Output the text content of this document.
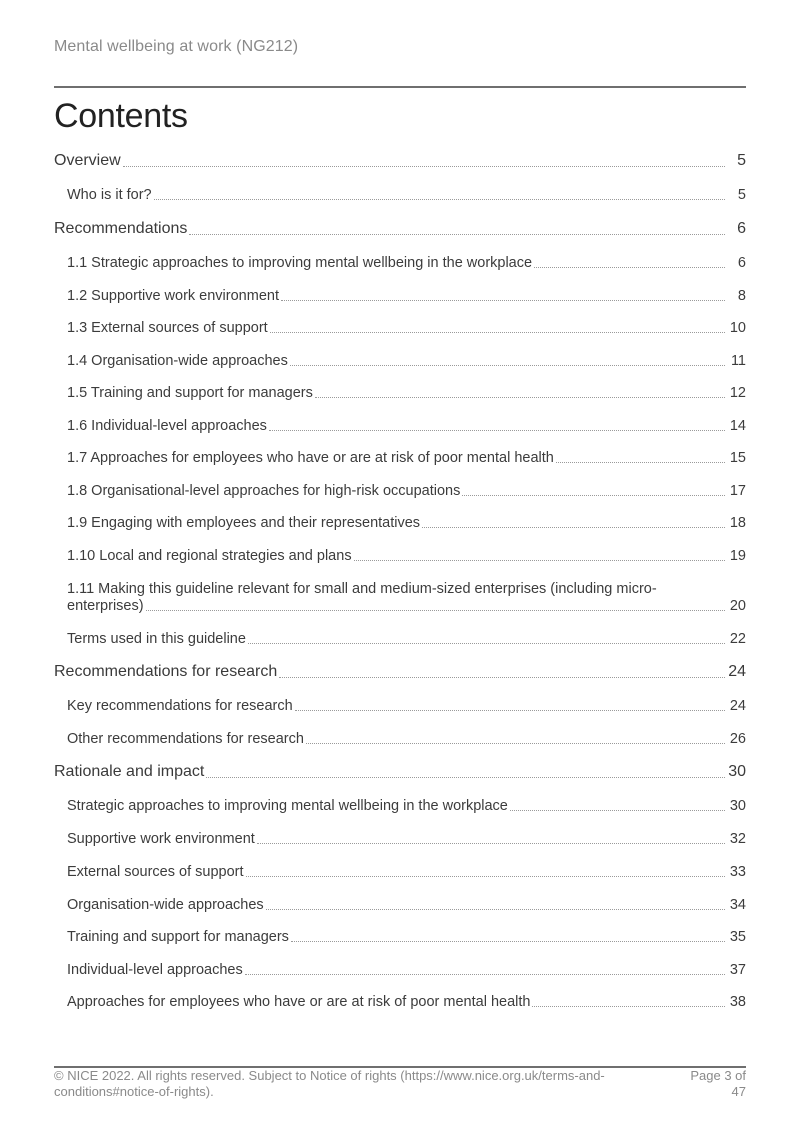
Mental wellbeing at work (NG212)
Contents
Overview	5
Who is it for?	5
Recommendations	6
1.1 Strategic approaches to improving mental wellbeing in the workplace	6
1.2 Supportive work environment	8
1.3 External sources of support	10
1.4 Organisation-wide approaches	11
1.5 Training and support for managers	12
1.6 Individual-level approaches	14
1.7 Approaches for employees who have or are at risk of poor mental health	15
1.8 Organisational-level approaches for high-risk occupations	17
1.9 Engaging with employees and their representatives	18
1.10 Local and regional strategies and plans	19
1.11 Making this guideline relevant for small and medium-sized enterprises (including micro-
enterprises)	20
Terms used in this guideline	22
Recommendations for research	24
Key recommendations for research	24
Other recommendations for research	26
Rationale and impact	30
Strategic approaches to improving mental wellbeing in the workplace	30
Supportive work environment	32
External sources of support	33
Organisation-wide approaches	34
Training and support for managers	35
Individual-level approaches	37
Approaches for employees who have or are at risk of poor mental health	38
© NICE 2022. All rights reserved. Subject to Notice of rights (https://www.nice.org.uk/terms-and-
conditions#notice-of-rights).
Page 3 of
47
